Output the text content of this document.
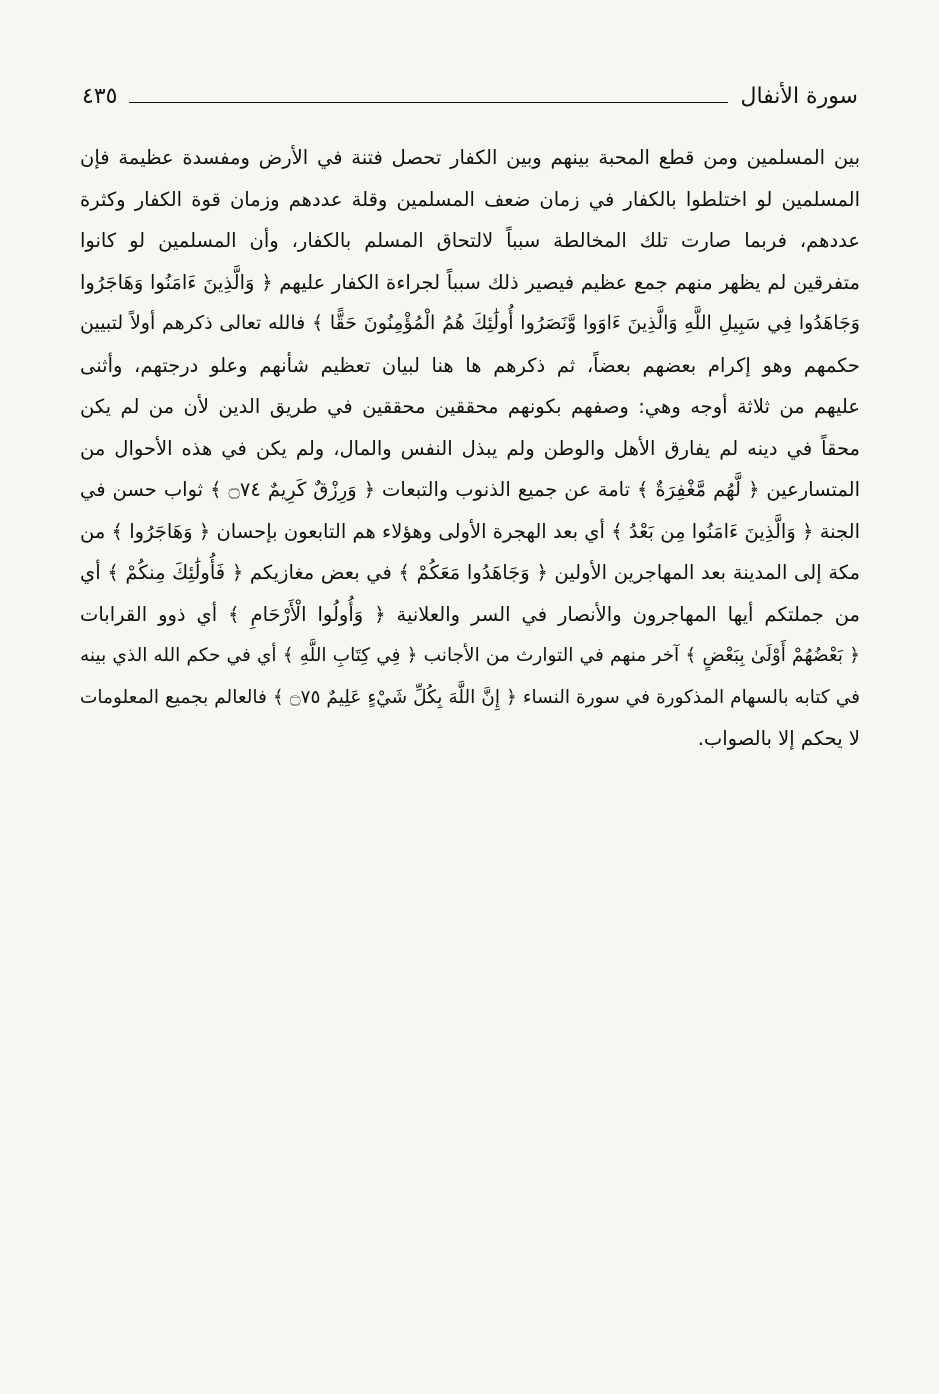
سورة الأنفال
٤٣٥
بين المسلمين ومن قطع المحبة بينهم وبين الكفار تحصل فتنة في الأرض ومفسدة عظيمة فإن
المسلمين لو اختلطوا بالكفار في زمان ضعف المسلمين وقلة عددهم وزمان قوة الكفار وكثرة
عددهم، فربما صارت تلك المخالطة سبباً لالتحاق المسلم بالكفار، وأن المسلمين لو كانوا
متفرقين لم يظهر منهم جمع عظيم فيصير ذلك سبباً لجراءة الكفار عليهم ﴿ وَالَّذِينَ ءَامَنُوا وَهَاجَرُوا
وَجَاهَدُوا فِي سَبِيلِ اللَّهِ وَالَّذِينَ ءَاوَوا وَّنَصَرُوا أُولَٰئِكَ هُمُ الْمُؤْمِنُونَ حَقًّا ﴾ فالله تعالى ذكرهم أولاً لتبيين
حكمهم وهو إكرام بعضهم بعضاً، ثم ذكرهم ها هنا لبيان تعظيم شأنهم وعلو درجتهم، وأثنى
عليهم من ثلاثة أوجه وهي: وصفهم بكونهم محققين محققين في طريق الدين لأن من لم يكن
محقاً في دينه لم يفارق الأهل والوطن ولم يبذل النفس والمال، ولم يكن في هذه الأحوال من
المتسارعين ﴿ لَّهُم مَّغْفِرَةٌ ﴾ تامة عن جميع الذنوب والتبعات ﴿ وَرِزْقٌ كَرِيمٌ ۝٧٤ ﴾ ثواب حسن في
الجنة ﴿ وَالَّذِينَ ءَامَنُوا مِن بَعْدُ ﴾ أي بعد الهجرة الأولى وهؤلاء هم التابعون بإحسان ﴿ وَهَاجَرُوا ﴾ من
مكة إلى المدينة بعد المهاجرين الأولين ﴿ وَجَاهَدُوا مَعَكُمْ ﴾ في بعض مغازيكم ﴿ فَأُولَٰئِكَ مِنكُمْ ﴾ أي
من جملتكم أيها المهاجرون والأنصار في السر والعلانية ﴿ وَأُولُوا الْأَرْحَامِ ﴾ أي ذوو القرابات
﴿ بَعْضُهُمْ أَوْلَىٰ بِبَعْضٍ ﴾ آخر منهم في التوارث من الأجانب ﴿ فِي كِتَابِ اللَّهِ ﴾ أي في حكم الله الذي بينه
في كتابه بالسهام المذكورة في سورة النساء ﴿ إِنَّ اللَّهَ بِكُلِّ شَيْءٍ عَلِيمٌ ۝٧٥ ﴾ فالعالم بجميع المعلومات
لا يحكم إلا بالصواب.
